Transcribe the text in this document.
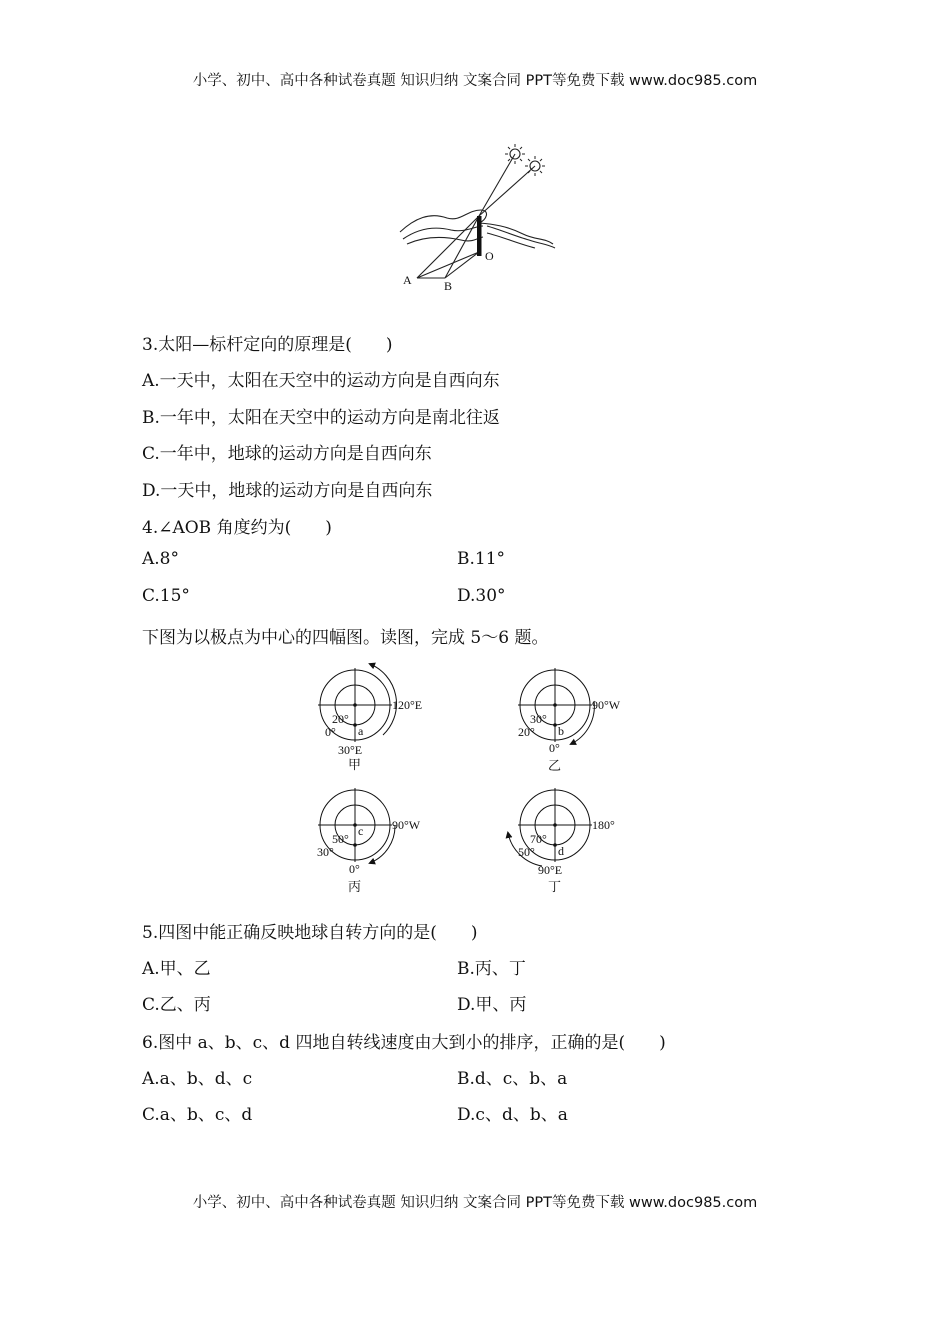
小学、初中、高中各种试卷真题 知识归纳 文案合同 PPT等免费下载 www.doc985.com
A	B
O
3.太阳—标杆定向的原理是(　　)
A.一天中，太阳在天空中的运动方向是自西向东
B.一年中，太阳在天空中的运动方向是南北往返
C.一年中，地球的运动方向是自西向东
D.一天中，地球的运动方向是自西向东
4.∠AOB 角度约为(　　)
A.8°	B.11°
C.15°	D.30°
下图为以极点为中心的四幅图。读图，完成 5～6 题。
20°
0° a
30°E
120°E
甲
30°
20° b
0°
90°W
乙
50°
30°
c
0°
90°W
丙
70°
50° d
90°E
180°
丁
5.四图中能正确反映地球自转方向的是(　　)
A.甲、乙	B.丙、丁
C.乙、丙	D.甲、丙
6.图中 a、b、c、d 四地自转线速度由大到小的排序，正确的是(　　)
A.a、b、d、c	B.d、c、b、a
C.a、b、c、d	D.c、d、b、a
小学、初中、高中各种试卷真题 知识归纳 文案合同 PPT等免费下载 www.doc985.com
